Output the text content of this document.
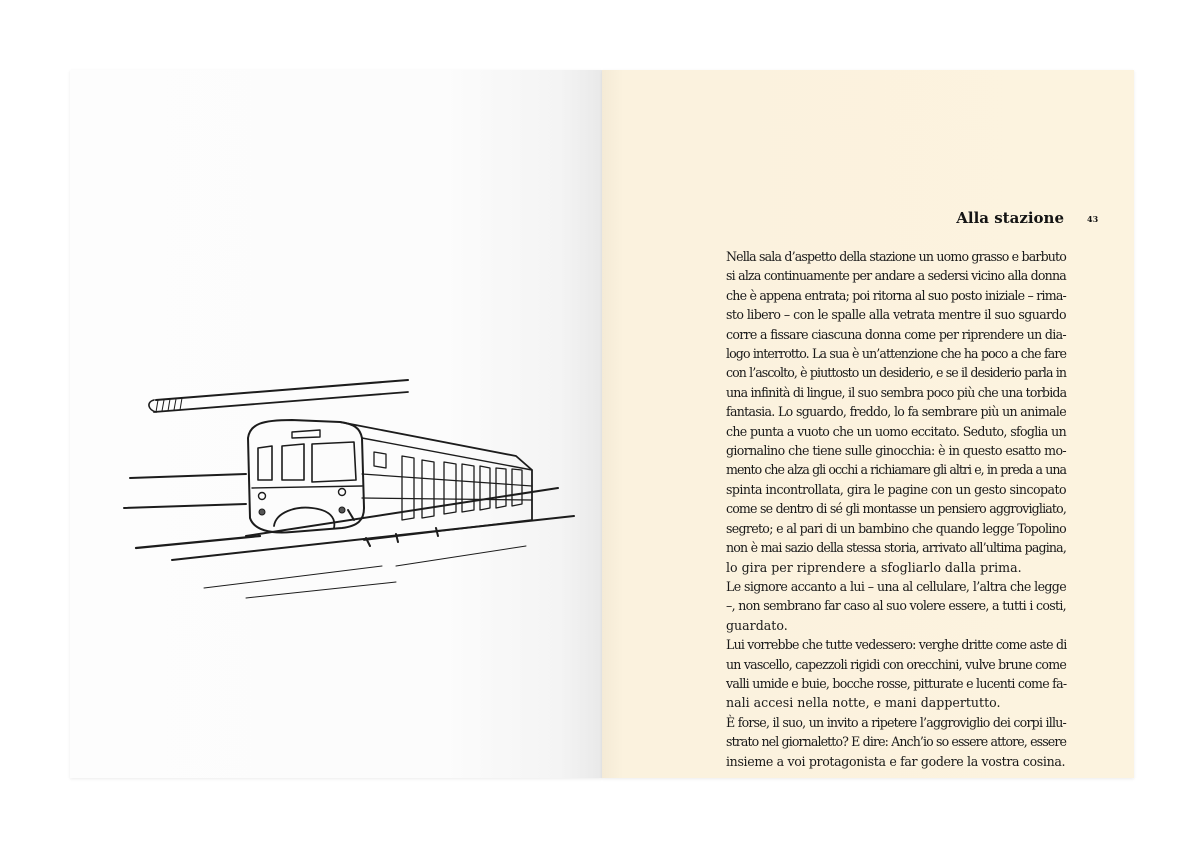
Alla stazione	43
Nella sala d’aspetto della stazione un uomo grasso e barbuto
si alza continuamente per andare a sedersi vicino alla donna
che è appena entrata; poi ritorna al suo posto iniziale – rima-
sto libero – con le spalle alla vetrata mentre il suo sguardo
corre a fissare ciascuna donna come per riprendere un dia-
logo interrotto. La sua è un’attenzione che ha poco a che fare
con l’ascolto, è piuttosto un desiderio, e se il desiderio parla in
una infinità di lingue, il suo sembra poco più che una torbida
fantasia. Lo sguardo, freddo, lo fa sembrare più un animale
che punta a vuoto che un uomo eccitato. Seduto, sfoglia un
giornalino che tiene sulle ginocchia: è in questo esatto mo-
mento che alza gli occhi a richiamare gli altri e, in preda a una
spinta incontrollata, gira le pagine con un gesto sincopato
come se dentro di sé gli montasse un pensiero aggrovigliato,
segreto; e al pari di un bambino che quando legge Topolino
non è mai sazio della stessa storia, arrivato all’ultima pagina,
lo gira per riprendere a sfogliarlo dalla prima.
Le signore accanto a lui – una al cellulare, l’altra che legge
–, non sembrano far caso al suo volere essere, a tutti i costi,
guardato.
Lui vorrebbe che tutte vedessero: verghe dritte come aste di
un vascello, capezzoli rigidi con orecchini, vulve brune come
valli umide e buie, bocche rosse, pitturate e lucenti come fa-
nali accesi nella notte, e mani dappertutto.
È forse, il suo, un invito a ripetere l’aggroviglio dei corpi illu-
strato nel giornaletto? E dire: Anch’io so essere attore, essere
insieme a voi protagonista e far godere la vostra cosina.
